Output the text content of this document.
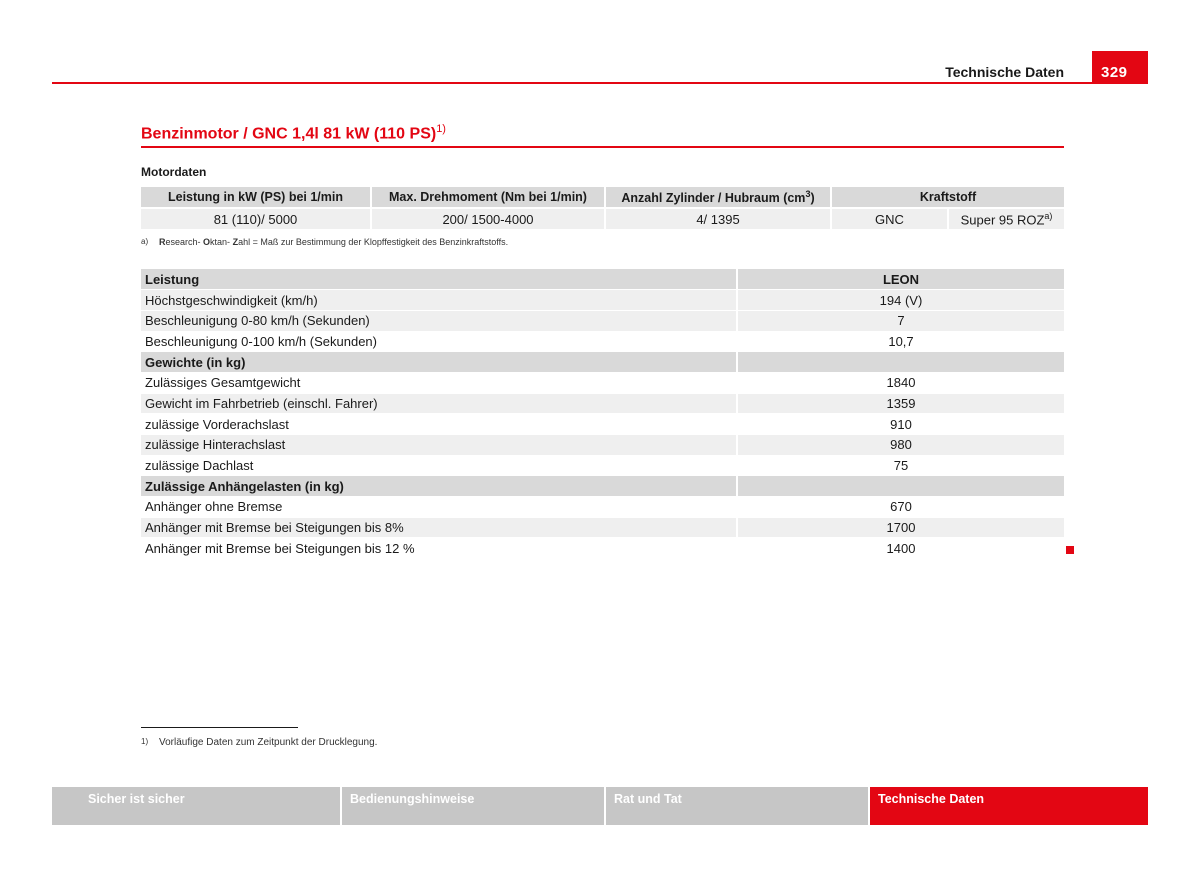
Technische Daten	329
Benzinmotor / GNC 1,4l 81 kW (110 PS)$^{1)}$
Motordaten
Leistung in kW (PS) bei 1/min	Max. Drehmoment (Nm bei 1/min)	Anzahl Zylinder / Hubraum $(cm^3)$	Kraftstoff	
81 (110)/ 5000	200/ 1500-4000	4/ 1395	GNC	Super 95 ROZ$^{a)}$
a) Research- Oktan- Zahl = Maß zur Bestimmung der Klopffestigkeit des Benzinkraftstoffs.
Leistung	LEON
Höchstgeschwindigkeit (km/h)	194 (V)
Beschleunigung 0-80 km/h (Sekunden)	7
Beschleunigung 0-100 km/h (Sekunden)	10,7
Gewichte (in kg)	
Zulässiges Gesamtgewicht	1840
Gewicht im Fahrbetrieb (einschl. Fahrer)	1359
zulässige Vorderachslast	910
zulässige Hinterachslast	980
zulässige Dachlast	75
Zulässige Anhängelasten (in kg)	
Anhänger ohne Bremse	670
Anhänger mit Bremse bei Steigungen bis 8%	1700
Anhänger mit Bremse bei Steigungen bis 12 %	1400
1) Vorläufige Daten zum Zeitpunkt der Drucklegung.
Sicher ist sicher	Bedienungshinweise	Rat und Tat	Technische Daten
